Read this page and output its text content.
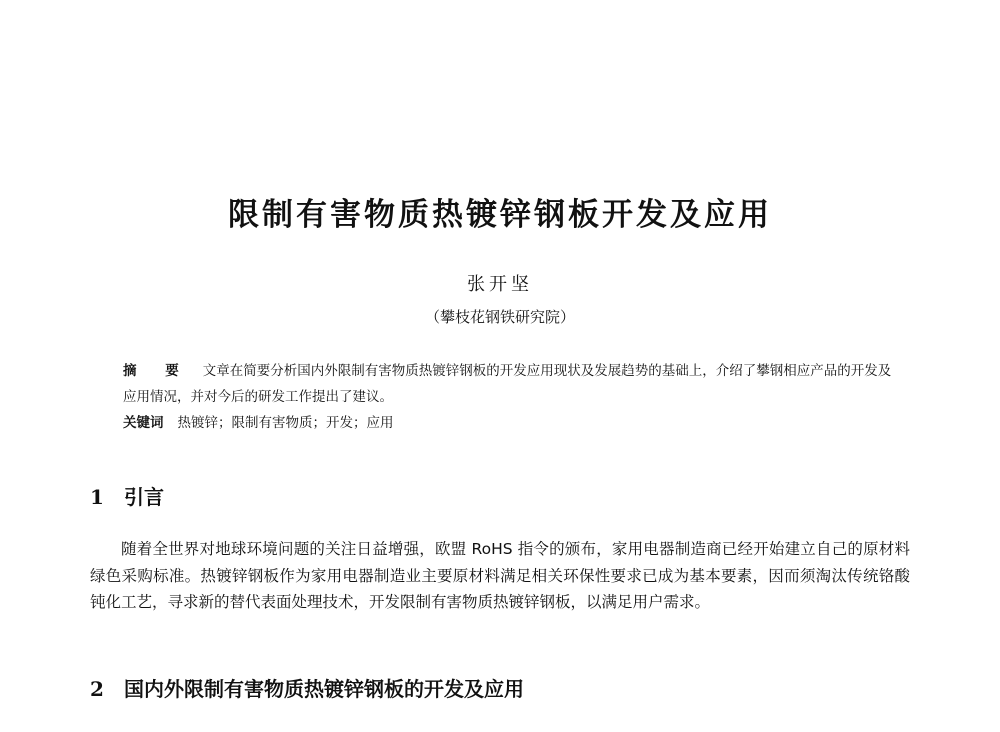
限制有害物质热镀锌钢板开发及应用
张开坚
（攀枝花钢铁研究院）
摘 要 文章在简要分析国内外限制有害物质热镀锌钢板的开发应用现状及发展趋势的基础上，介绍了攀钢相应产品的开发及应用情况，并对今后的研发工作提出了建议。
关键词 热镀锌；限制有害物质；开发；应用
1 引言
随着全世界对地球环境问题的关注日益增强，欧盟 RoHS 指令的颁布，家用电器制造商已经开始建立自己的原材料绿色采购标准。热镀锌钢板作为家用电器制造业主要原材料满足相关环保性要求已成为基本要素，因而须淘汰传统铬酸钝化工艺，寻求新的替代表面处理技术，开发限制有害物质热镀锌钢板，以满足用户需求。
2 国内外限制有害物质热镀锌钢板的开发及应用
